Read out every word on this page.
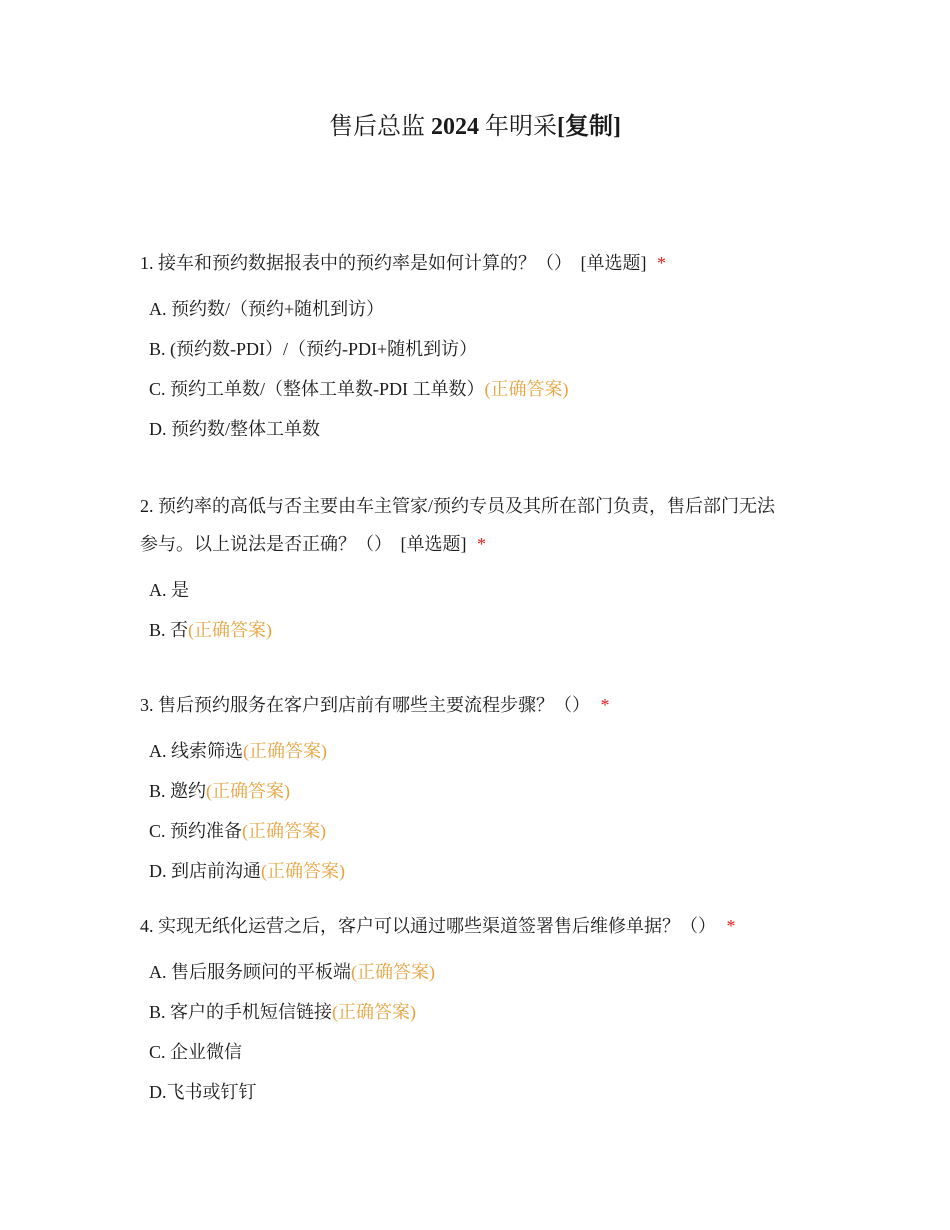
售后总监 2024 年明采[复制]

1. 接车和预约数据报表中的预约率是如何计算的？（） [单选题] *

A. 预约数/（预约+随机到访）
B. (预约数-PDI）/（预约-PDI+随机到访）
C. 预约工单数/（整体工单数-PDI 工单数）(正确答案)
D. 预约数/整体工单数

2. 预约率的高低与否主要由车主管家/预约专员及其所在部门负责，售后部门无法
参与。以上说法是否正确？（） [单选题] *

A. 是
B. 否(正确答案)

3. 售后预约服务在客户到店前有哪些主要流程步骤？（） *

A. 线索筛选(正确答案)
B. 邀约(正确答案)
C. 预约准备(正确答案)
D. 到店前沟通(正确答案)

4. 实现无纸化运营之后，客户可以通过哪些渠道签署售后维修单据？（） *

A. 售后服务顾问的平板端(正确答案)
B. 客户的手机短信链接(正确答案)
C. 企业微信
D.飞书或钉钉
